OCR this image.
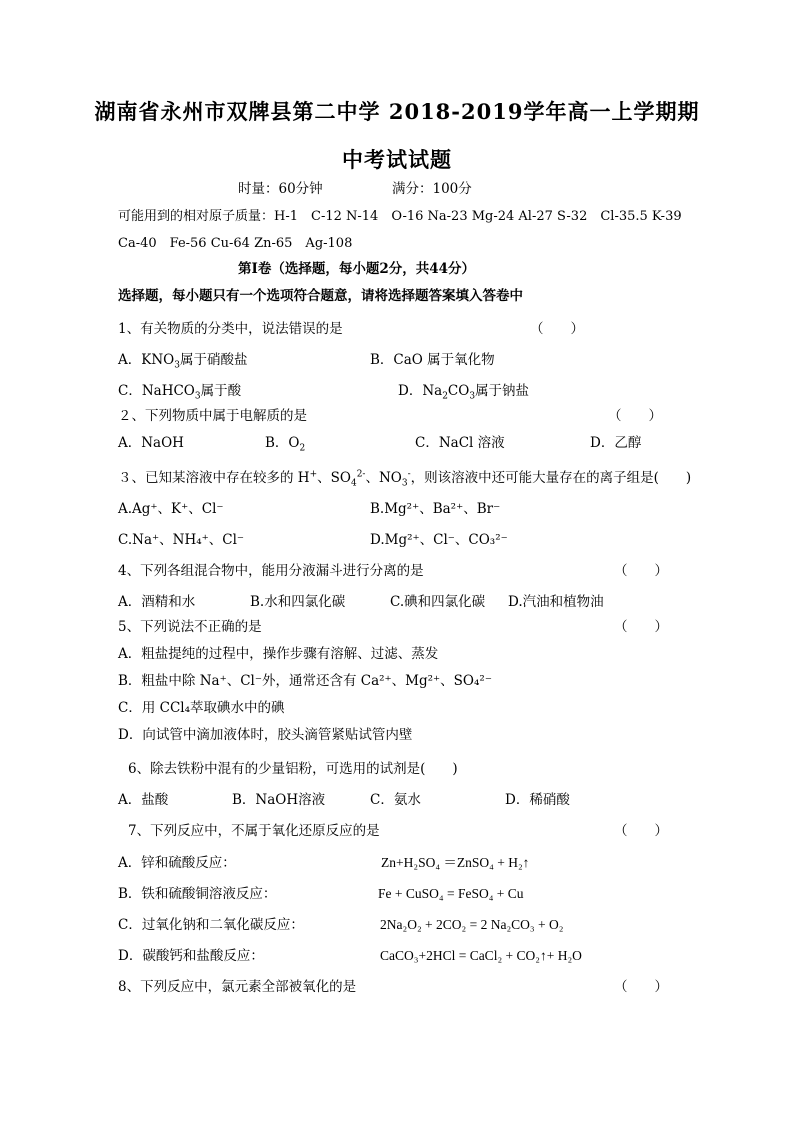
湖南省永州市双牌县第二中学 2018-2019学年高一上学期期
中考试试题
时量：60分钟	满分：100分
可能用到的相对原子质量：H-1　C-12 N-14　O-16 Na-23 Mg-24 Al-27 S-32　Cl-35.5 K-39
Ca-40　Fe-56 Cu-64 Zn-65　Ag-108
第Ⅰ卷（选择题，每小题2分，共44分）
选择题，每小题只有一个选项符合题意，请将选择题答案填入答卷中
1、有关物质的分类中，说法错误的是	（　　）
A．$KNO_3$属于硝酸盐	B．CaO 属于氧化物
C．NaHCO$_3$属于酸	D．$Na_2CO_3$属于钠盐
２、下列物质中属于电解质的是	（　　）
A．NaOH	B．$O_2$	C．NaCl 溶液	D．乙醇
３、已知某溶液中存在较多的 H+、$SO_4^{2-}$、$NO_3^-$，则该溶液中还可能大量存在的离子组是(　　)
A.Ag⁺、K⁺、Cl⁻	B.Mg²⁺、Ba²⁺、Br⁻
C.Na⁺、NH₄⁺、Cl⁻	D.Mg²⁺、Cl⁻、CO₃²⁻
4、下列各组混合物中，能用分液漏斗进行分离的是	（　　）
A．酒精和水	B.水和四氯化碳	C.碘和四氯化碳 D.汽油和植物油
5、下列说法不正确的是	（　　）
A．粗盐提纯的过程中，操作步骤有溶解、过滤、蒸发
B．粗盐中除 Na⁺、Cl⁻外，通常还含有 Ca²⁺、Mg²⁺、SO₄²⁻
C．用 CCl₄萃取碘水中的碘
D．向试管中滴加液体时，胶头滴管紧贴试管内壁
6、除去铁粉中混有的少量铝粉，可选用的试剂是(　　)
A．盐酸	B．NaOH溶液	C．氨水	D．稀硝酸
7、下列反应中，不属于氧化还原反应的是	（　　）
A．锌和硫酸反应：	Zn+H₂SO₄ ＝ZnSO₄ + H₂↑
B．铁和硫酸铜溶液反应：	Fe + CuSO₄ = FeSO₄ + Cu
C．过氧化钠和二氧化碳反应：	2Na₂O₂ + 2CO₂ = 2 Na₂CO₃ + O₂
D．碳酸钙和盐酸反应：	CaCO₃+2HCl = CaCl₂ + CO₂↑+ H₂O
8、下列反应中，氯元素全部被氧化的是	（　　）
